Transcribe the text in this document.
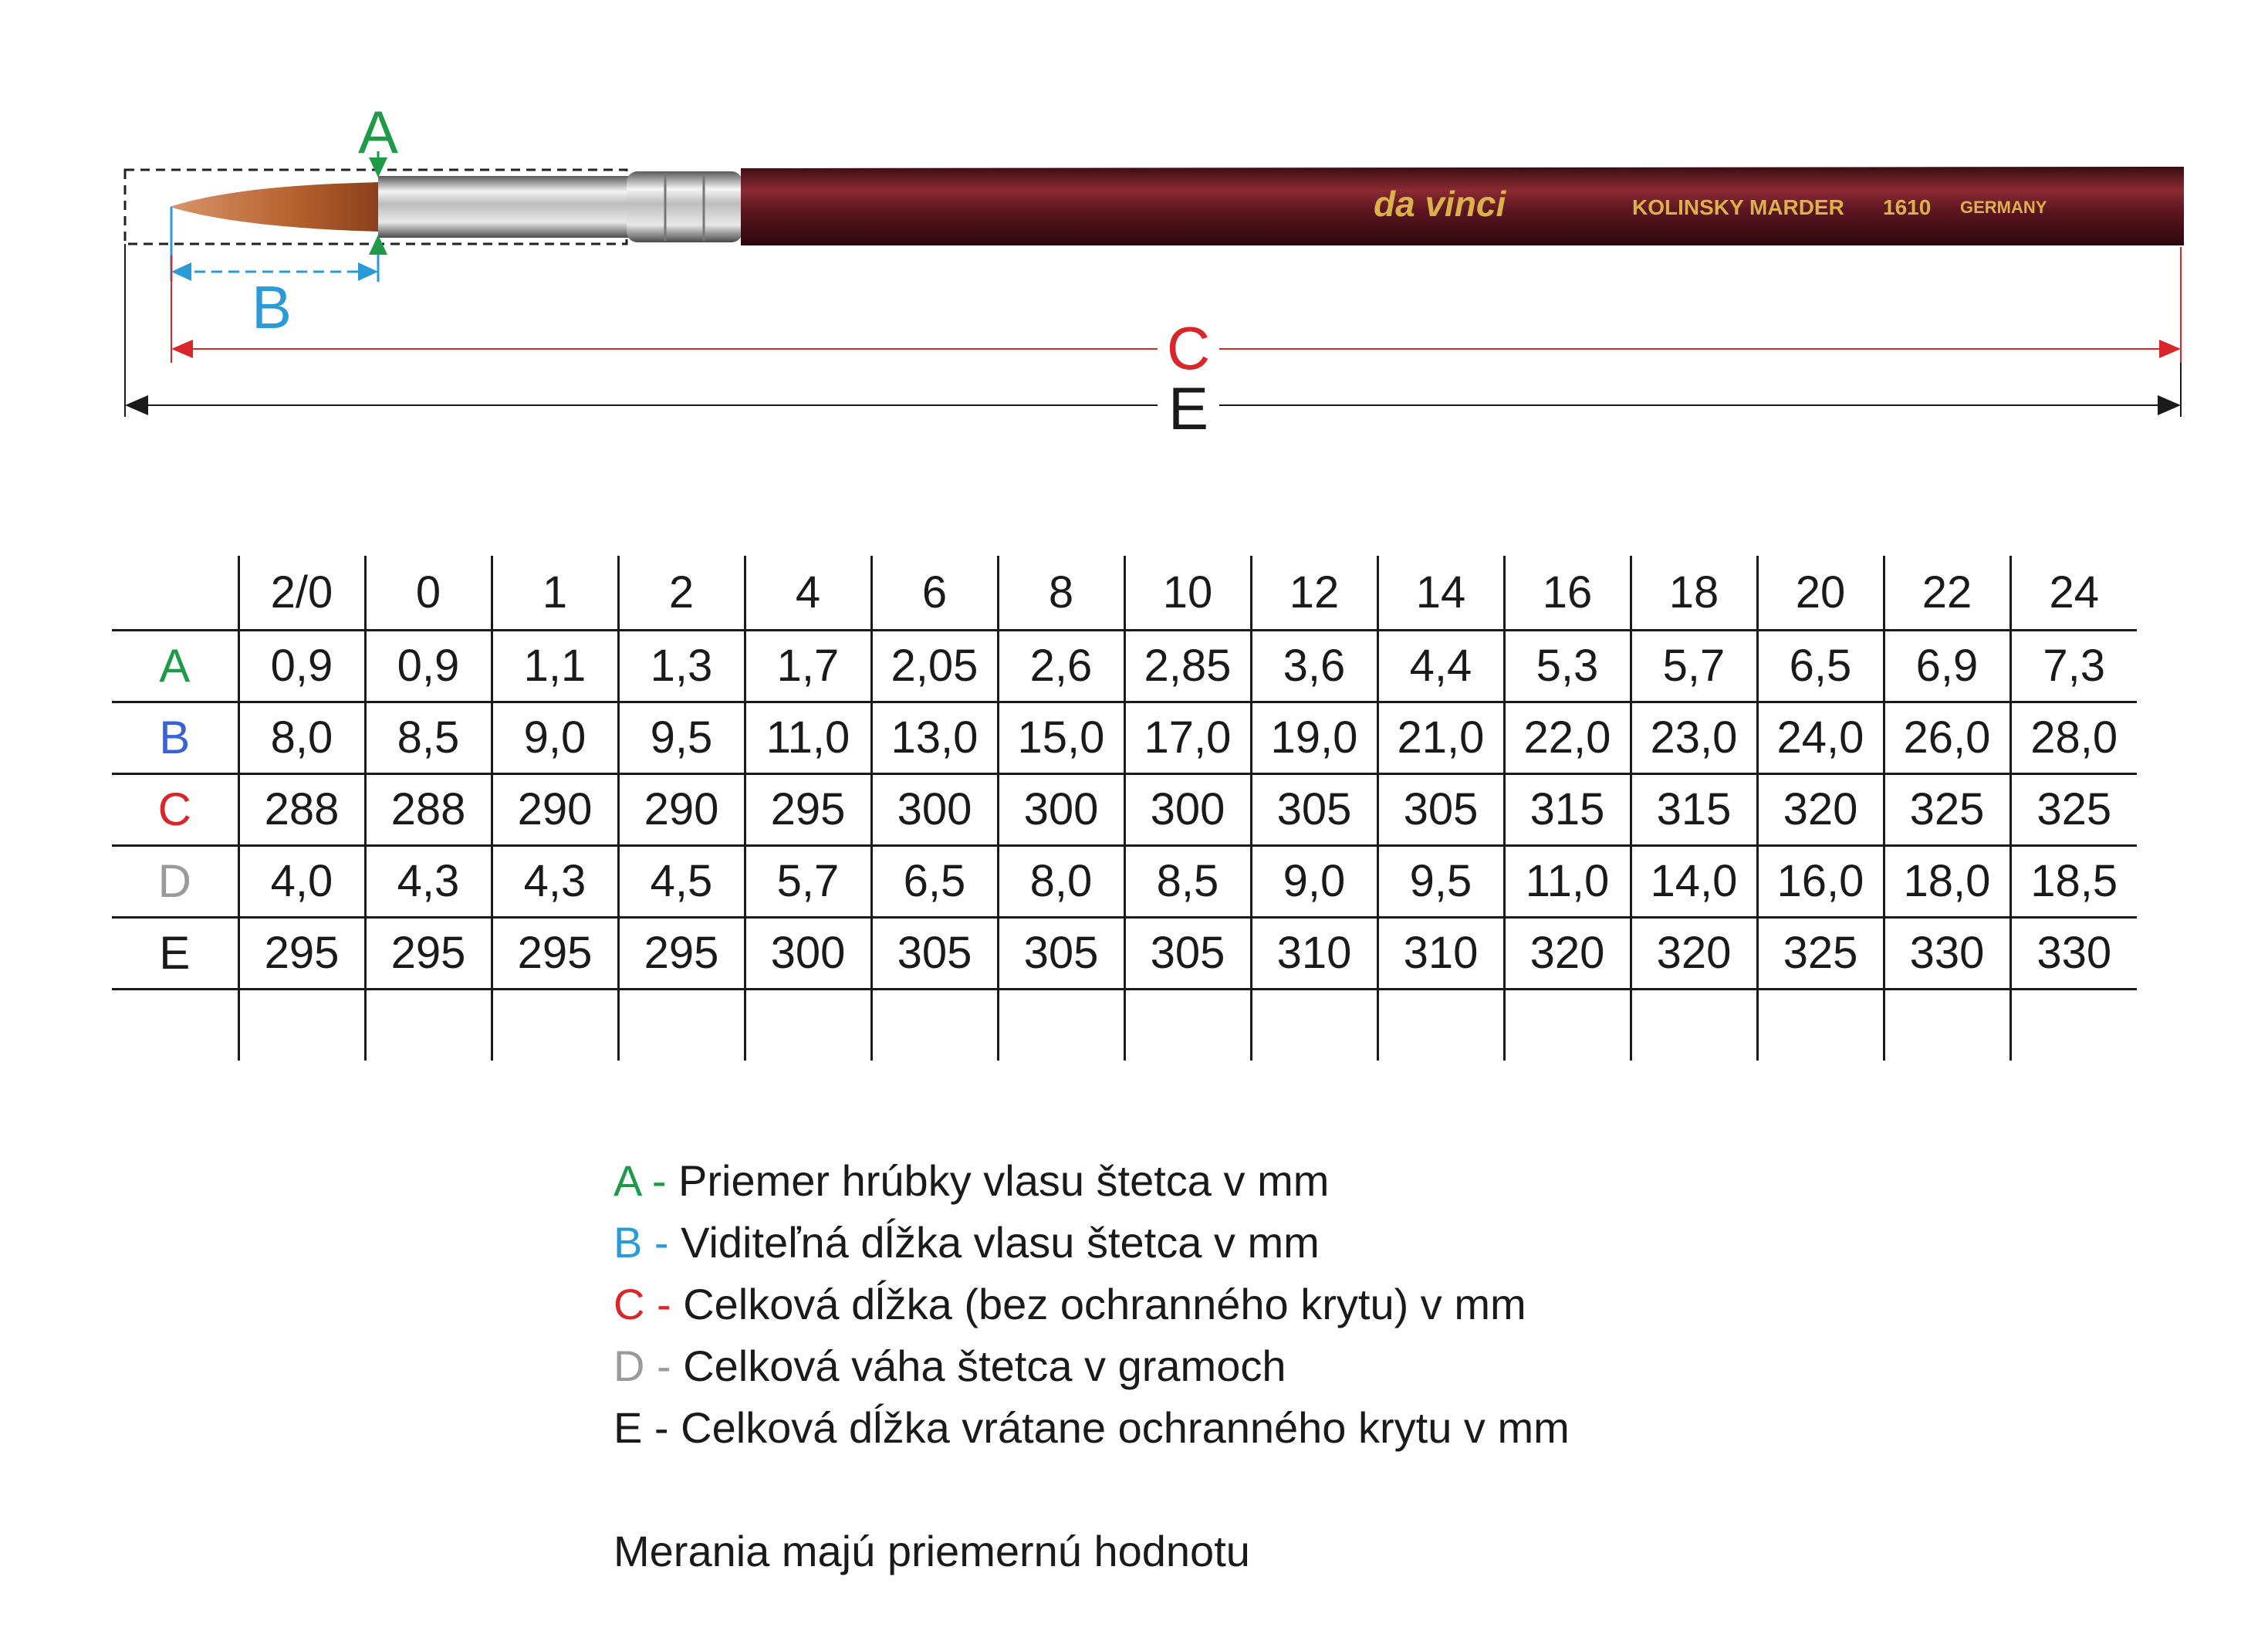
da vinci	KOLINSKY MARDER 1610 GERMANY
A
B
C
E
	2/0	0	1	2	4	6	8	10	12	14	16	18	20	22	24
A	0,9	0,9	1,1	1,3	1,7	2,05	2,6	2,85	3,6	4,4	5,3	5,7	6,5	6,9	7,3
B	8,0	8,5	9,0	9,5	11,0	13,0	15,0	17,0	19,0	21,0	22,0	23,0	24,0	26,0	28,0
C	288	288	290	290	295	300	300	300	305	305	315	315	320	325	325
D	4,0	4,3	4,3	4,5	5,7	6,5	8,0	8,5	9,0	9,5	11,0	14,0	16,0	18,0	18,5
E	295	295	295	295	300	305	305	305	310	310	320	320	325	330	330

A - Priemer hrúbky vlasu štetca v mm
B - Viditeľná dĺžka vlasu štetca v mm
C - Celková dĺžka (bez ochranného krytu) v mm
D - Celková váha štetca v gramoch
E - Celková dĺžka vrátane ochranného krytu v mm
Merania majú priemernú hodnotu
